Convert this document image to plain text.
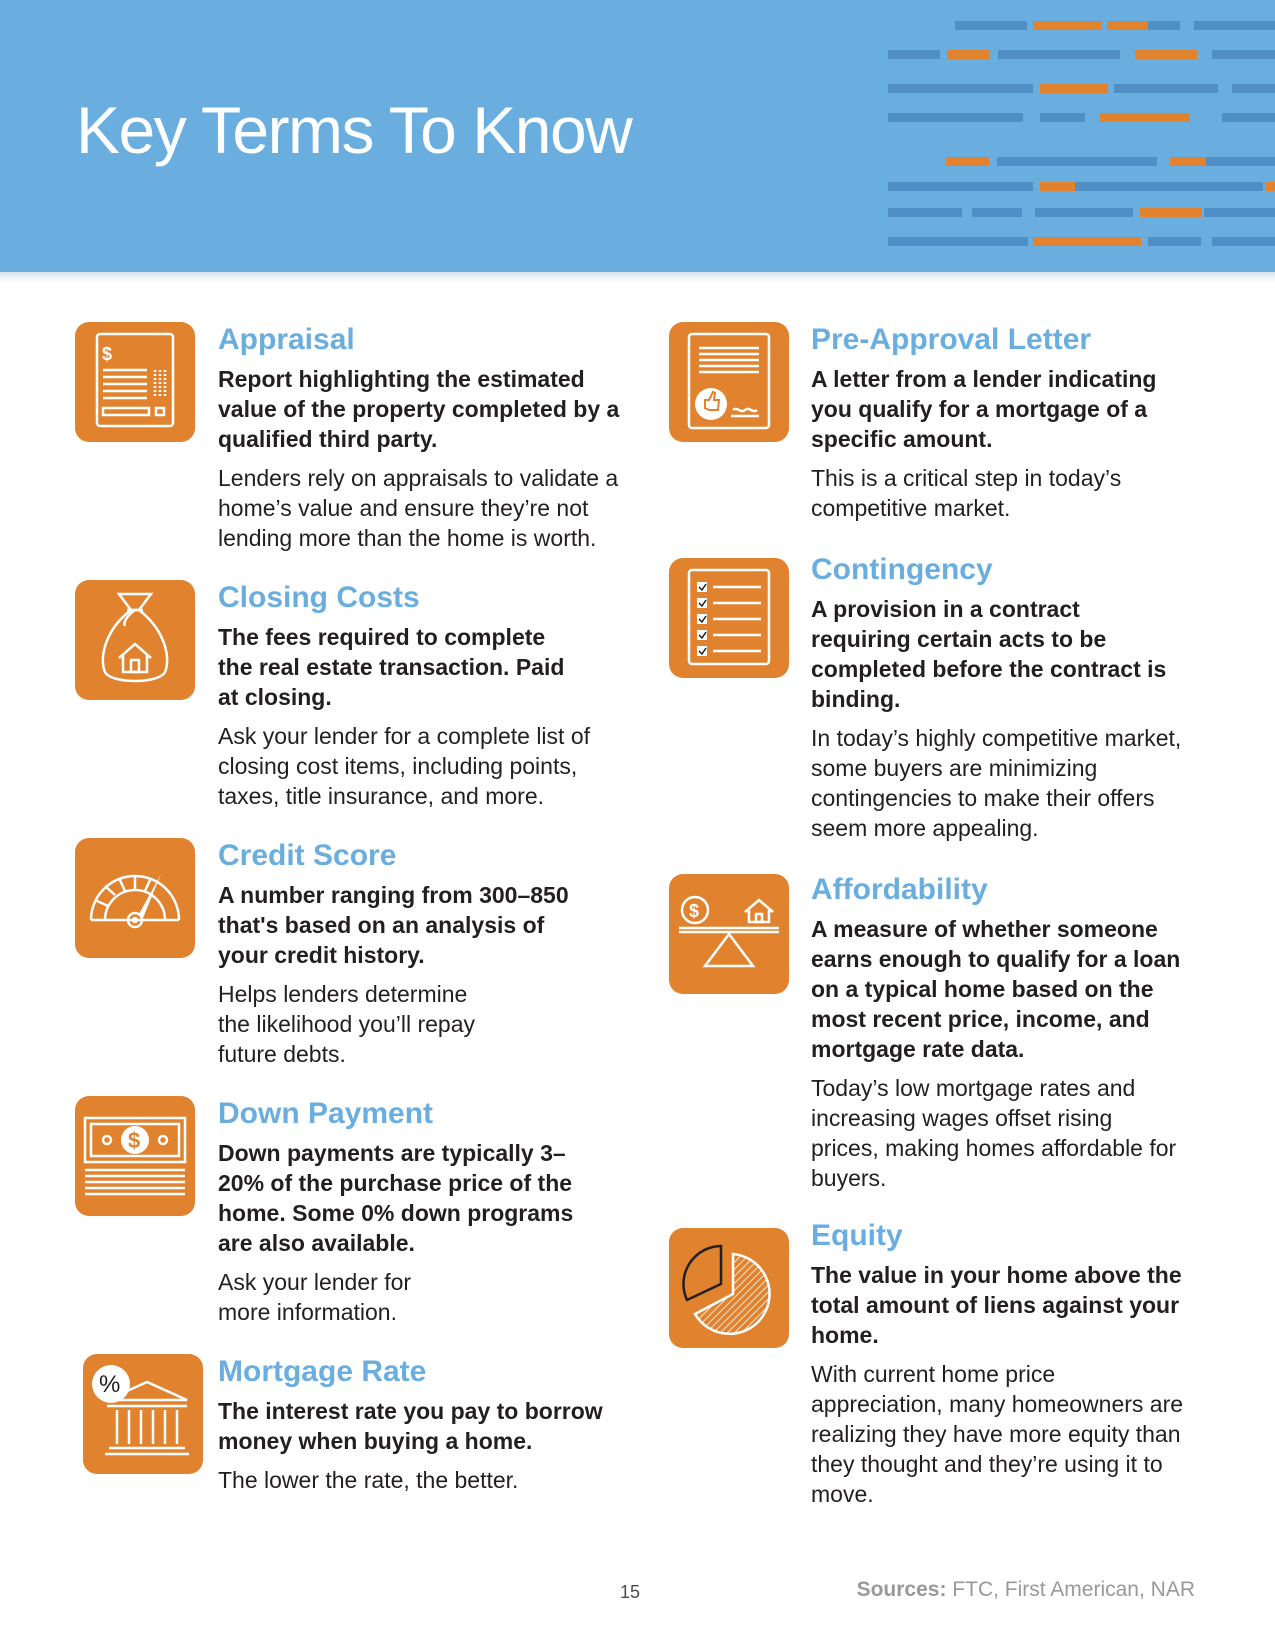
Key Terms To Know
$	Appraisal

Report highlighting the estimated value of the property completed by a qualified third party.

Lenders rely on appraisals to validate a home’s value and ensure they’re not lending more than the home is worth.

Closing Costs

The fees required to complete the real estate transaction. Paid at closing.

Ask your lender for a complete list of closing cost items, including points, taxes, title insurance, and more.

Credit Score

A number ranging from 300–850 that's based on an analysis of your credit history.

Helps lenders determine the likelihood you’ll repay future debts.

$
Down Payment

Down payments are typically 3–20% of the purchase price of the home. Some 0% down programs are also available.

Ask your lender for more information.

%	Mortgage Rate

The interest rate you pay to borrow money when buying a home.

The lower the rate, the better.

Pre-Approval Letter

A letter from a lender indicating you qualify for a mortgage of a specific amount.

This is a critical step in today’s competitive market.

Contingency

A provision in a contract requiring certain acts to be completed before the contract is binding.

In today’s highly competitive market, some buyers are minimizing contingencies to make their offers seem more appealing.

$
Affordability

A measure of whether someone earns enough to qualify for a loan on a typical home based on the most recent price, income, and mortgage rate data.

Today’s low mortgage rates and increasing wages offset rising prices, making homes affordable for buyers.

Equity

The value in your home above the total amount of liens against your home.

With current home price appreciation, many homeowners are realizing they have more equity than they thought and they’re using it to move.

15	Sources: FTC, First American, NAR
